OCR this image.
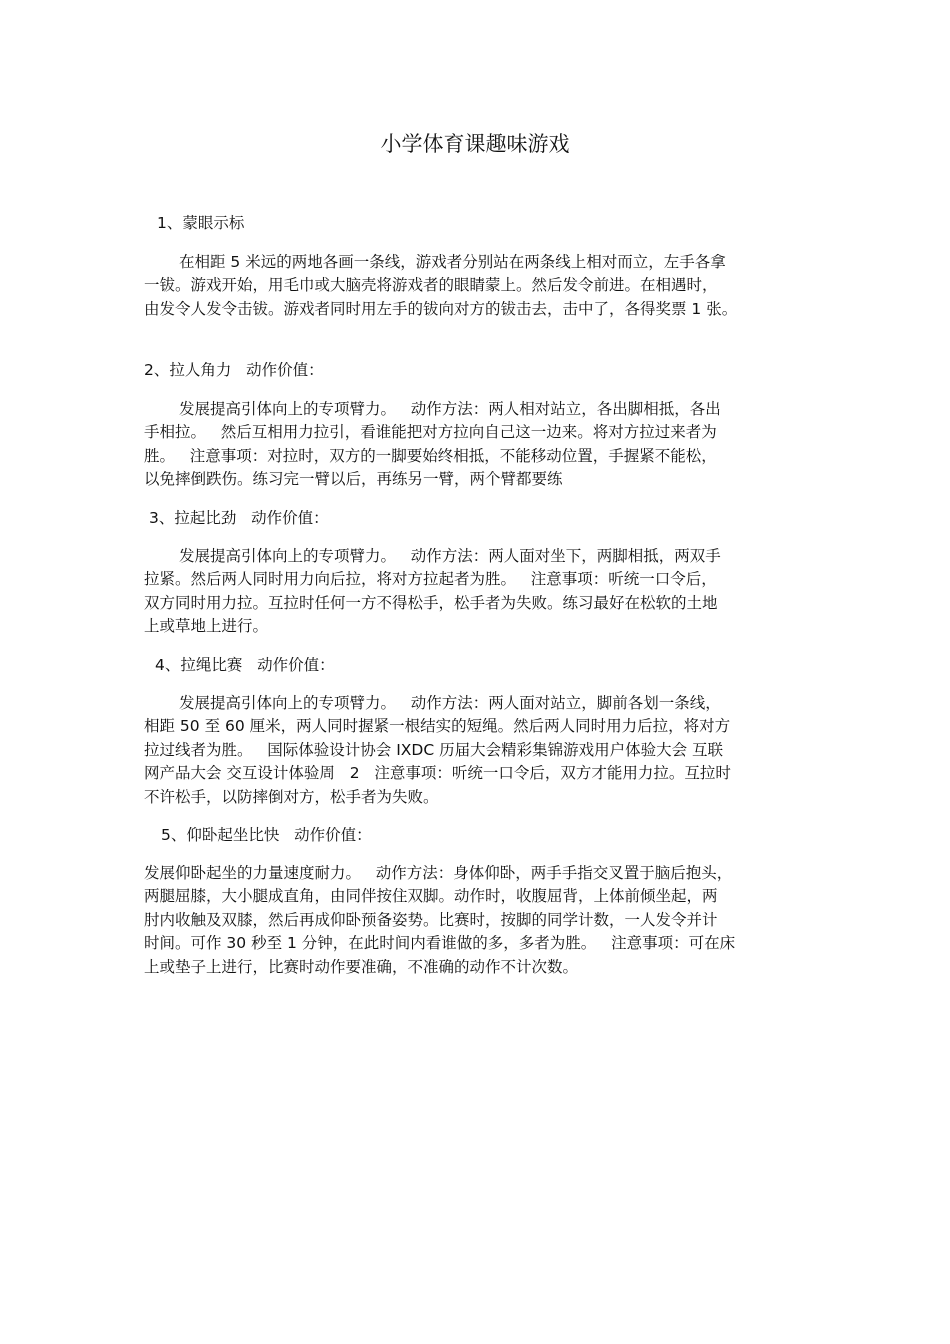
小学体育课趣味游戏
1、蒙眼示标
在相距 5 米远的两地各画一条线，游戏者分别站在两条线上相对而立，左手各拿
一钹。游戏开始，用毛巾或大脑壳将游戏者的眼睛蒙上。然后发令前进。在相遇时，
由发令人发令击钹。游戏者同时用左手的钹向对方的钹击去，击中了，各得奖票 1 张。
2、拉人角力   动作价值：
发展提高引体向上的专项臂力。   动作方法：两人相对站立，各出脚相抵，各出
手相拉。   然后互相用力拉引，看谁能把对方拉向自己这一边来。将对方拉过来者为
胜。   注意事项：对拉时，双方的一脚要始终相抵，不能移动位置，手握紧不能松，
以免摔倒跌伤。练习完一臂以后，再练另一臂，两个臂都要练
3、拉起比劲   动作价值：
发展提高引体向上的专项臂力。   动作方法：两人面对坐下，两脚相抵，两双手
拉紧。然后两人同时用力向后拉，将对方拉起者为胜。   注意事项：听统一口令后，
双方同时用力拉。互拉时任何一方不得松手，松手者为失败。练习最好在松软的土地
上或草地上进行。
4、拉绳比赛   动作价值：
发展提高引体向上的专项臂力。   动作方法：两人面对站立，脚前各划一条线，
相距 50 至 60 厘米，两人同时握紧一根结实的短绳。然后两人同时用力后拉，将对方
拉过线者为胜。   国际体验设计协会 IXDC 历届大会精彩集锦游戏用户体验大会 互联
网产品大会 交互设计体验周   2   注意事项：听统一口令后，双方才能用力拉。互拉时
不许松手，以防摔倒对方，松手者为失败。
5、仰卧起坐比快   动作价值：
发展仰卧起坐的力量速度耐力。   动作方法：身体仰卧，两手手指交叉置于脑后抱头，
两腿屈膝，大小腿成直角，由同伴按住双脚。动作时，收腹屈背，上体前倾坐起，两
肘内收触及双膝，然后再成仰卧预备姿势。比赛时，按脚的同学计数，一人发令并计
时间。可作 30 秒至 1 分钟，在此时间内看谁做的多，多者为胜。   注意事项：可在床
上或垫子上进行，比赛时动作要准确，不准确的动作不计次数。
